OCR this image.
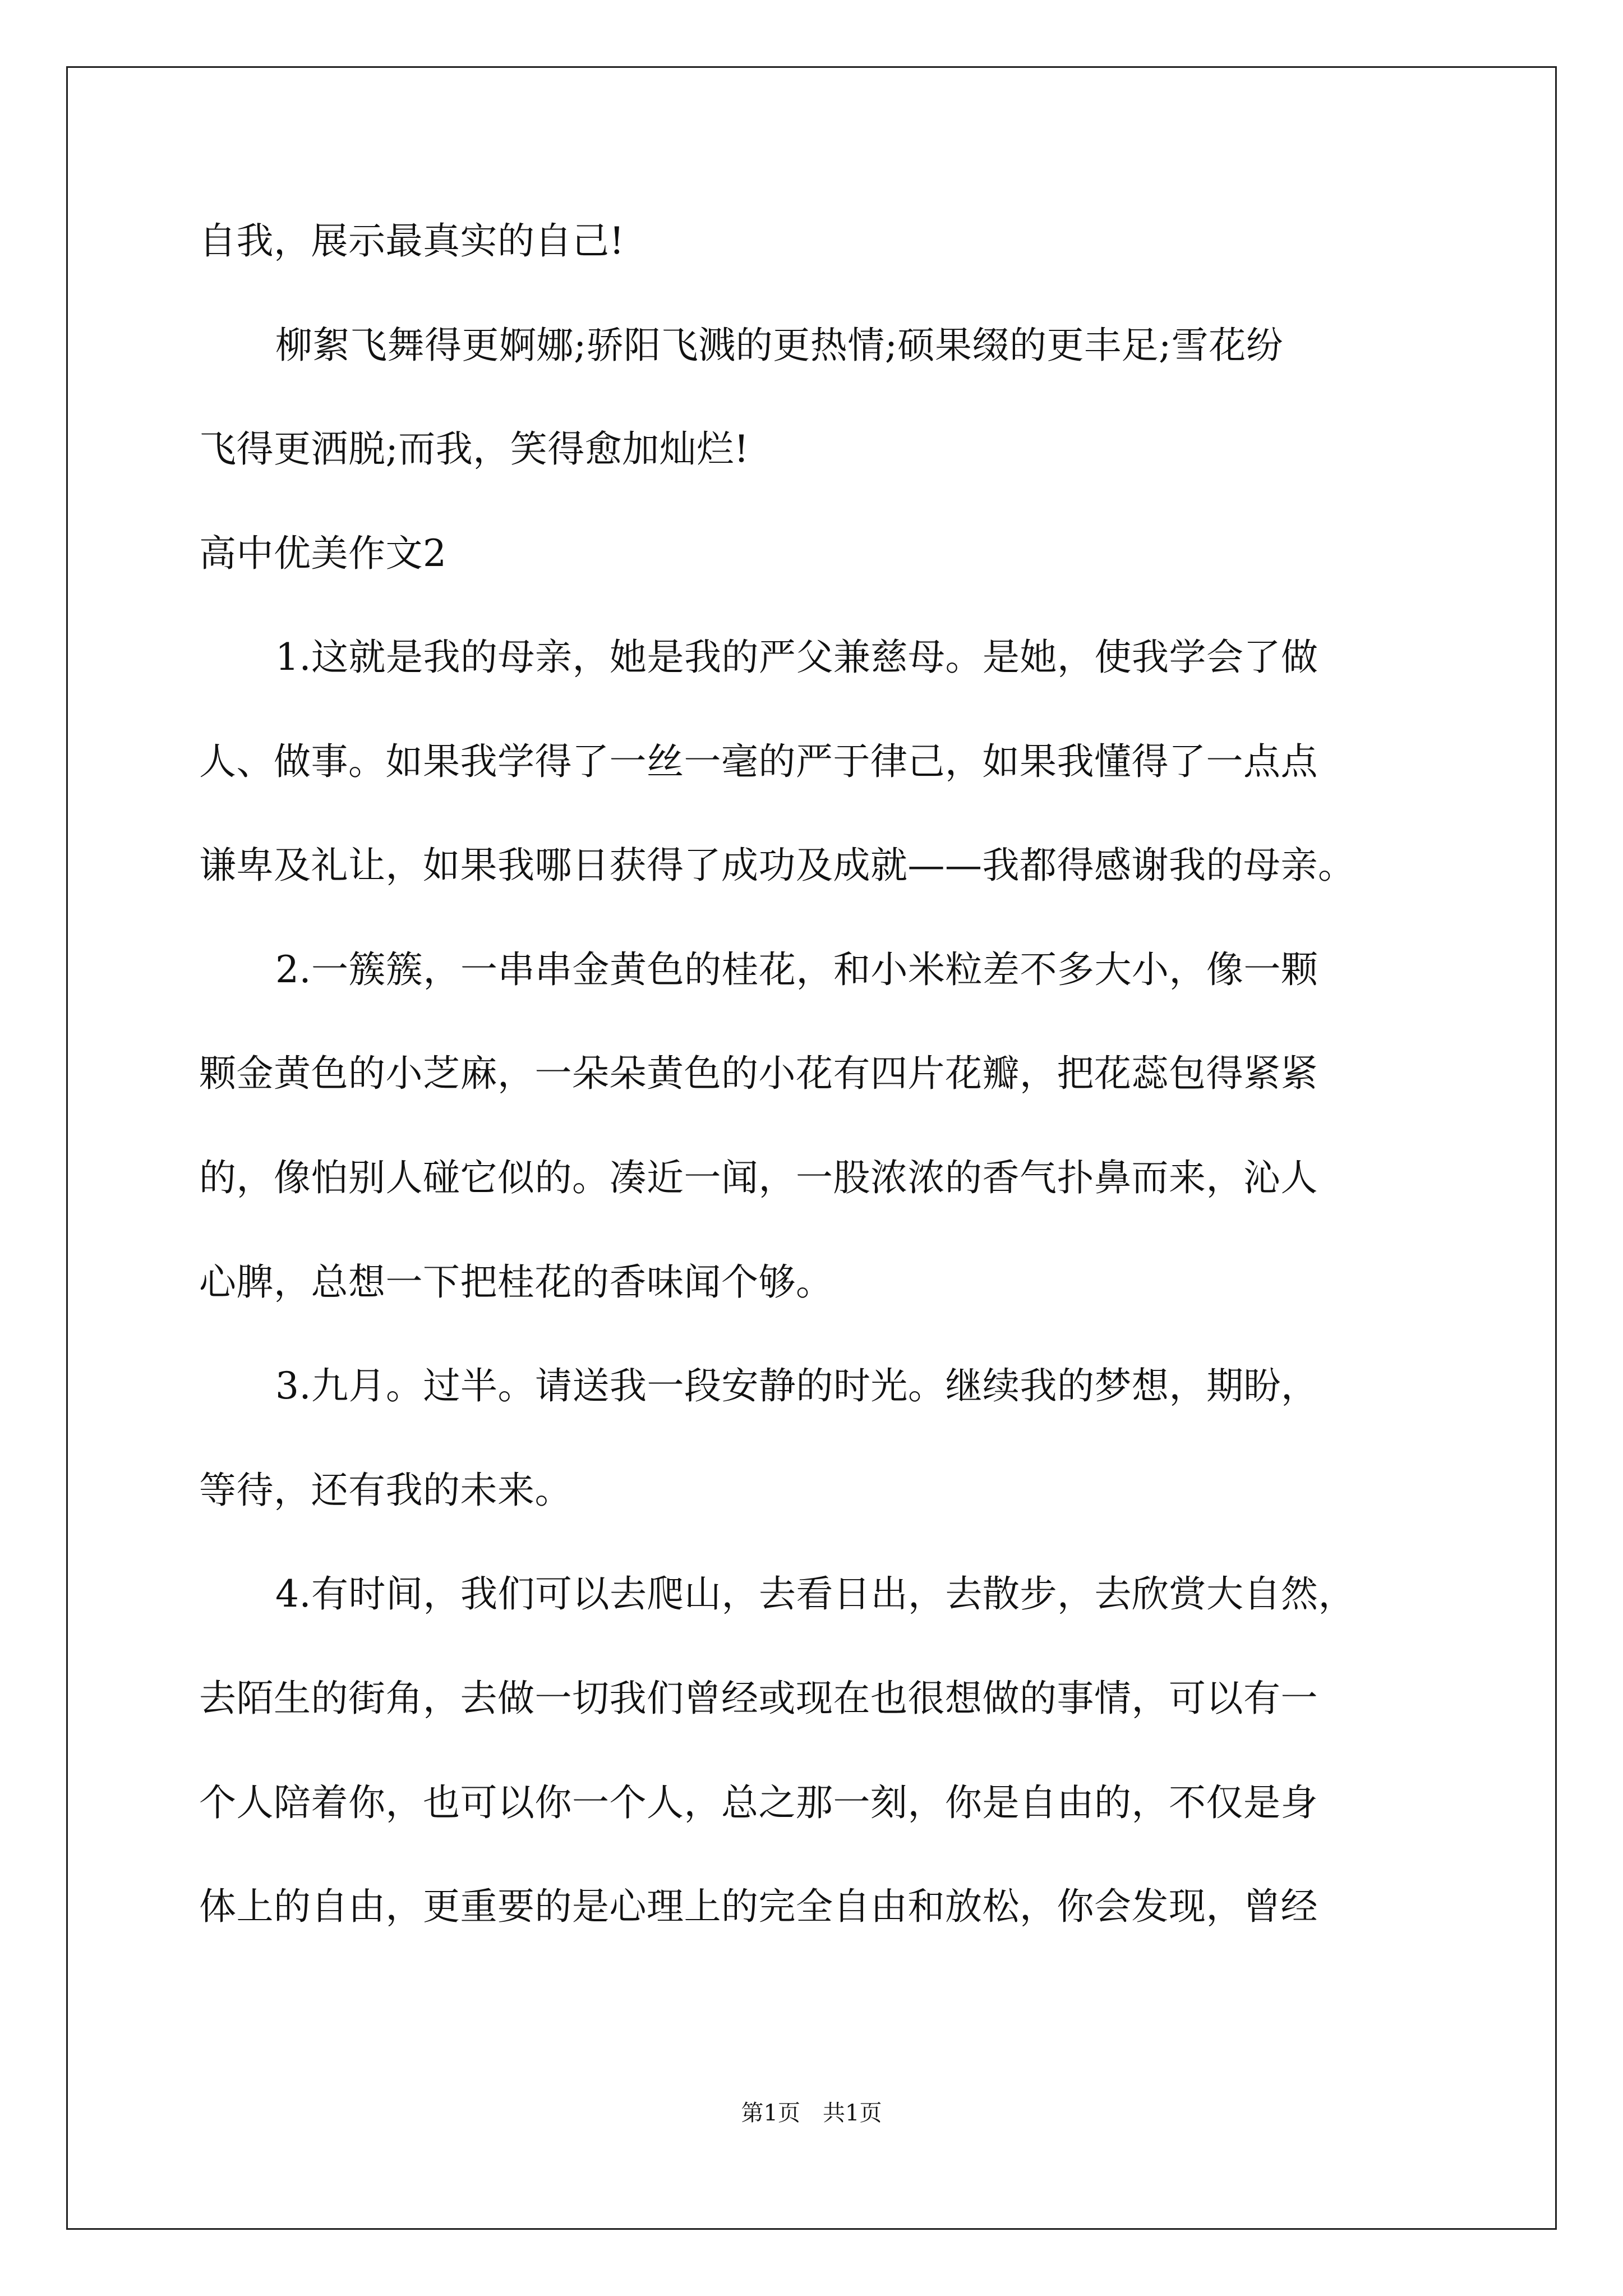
自我，展示最真实的自己!
柳絮飞舞得更婀娜;骄阳飞溅的更热情;硕果缀的更丰足;雪花纷
飞得更洒脱;而我，笑得愈加灿烂!
高中优美作文2
1.这就是我的母亲，她是我的严父兼慈母。是她，使我学会了做
人、做事。如果我学得了一丝一毫的严于律己，如果我懂得了一点点
谦卑及礼让，如果我哪日获得了成功及成就——我都得感谢我的母亲。
2.一簇簇，一串串金黄色的桂花，和小米粒差不多大小，像一颗
颗金黄色的小芝麻，一朵朵黄色的小花有四片花瓣，把花蕊包得紧紧
的，像怕别人碰它似的。凑近一闻，一股浓浓的香气扑鼻而来，沁人
心脾，总想一下把桂花的香味闻个够。
3.九月。过半。请送我一段安静的时光。继续我的梦想，期盼，
等待，还有我的未来。
4.有时间，我们可以去爬山，去看日出，去散步，去欣赏大自然，
去陌生的街角，去做一切我们曾经或现在也很想做的事情，可以有一
个人陪着你，也可以你一个人，总之那一刻，你是自由的，不仅是身
体上的自由，更重要的是心理上的完全自由和放松，你会发现，曾经
第1页　共1页
